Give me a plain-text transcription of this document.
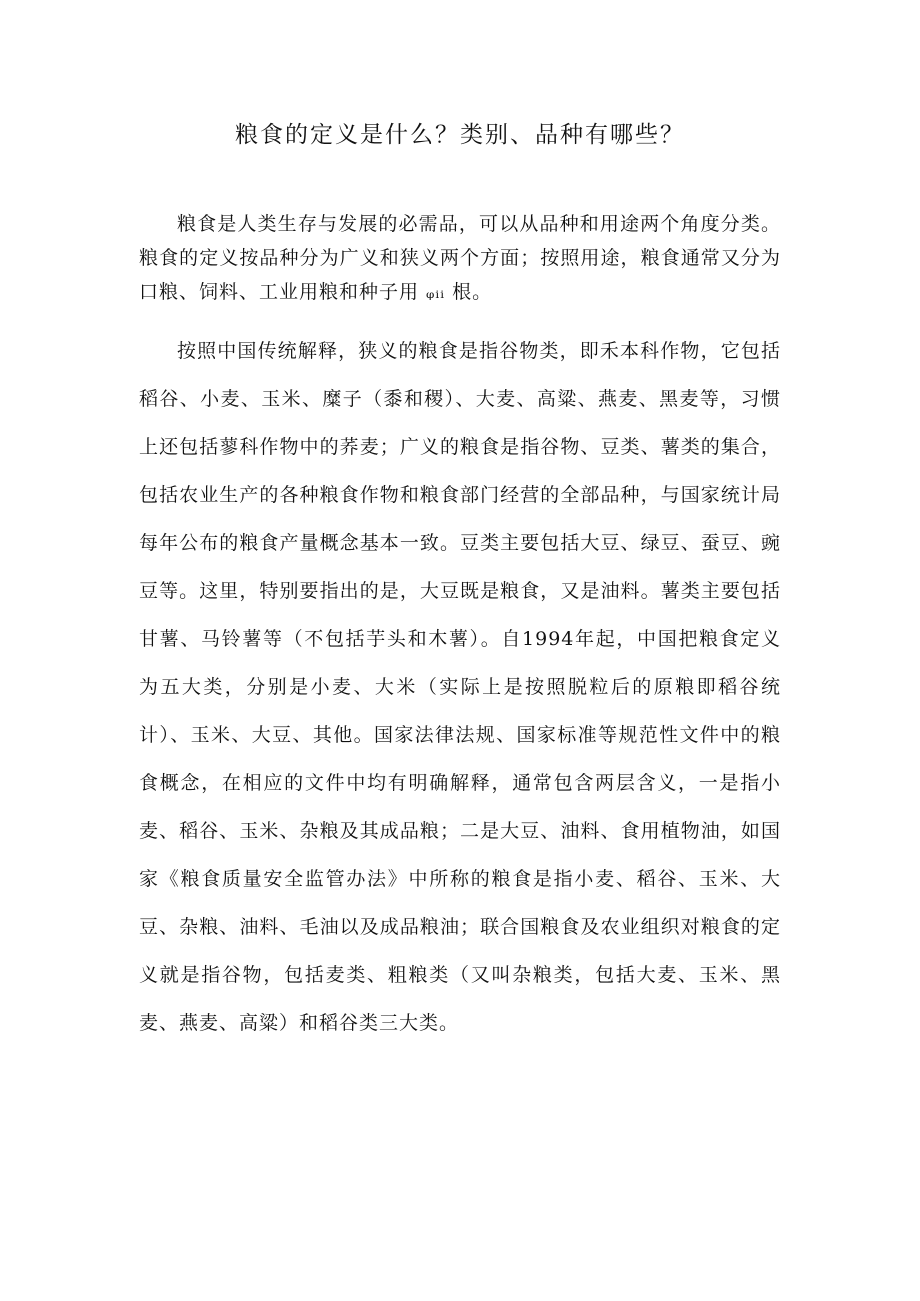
粮食的定义是什么？类别、品种有哪些？

粮食是人类生存与发展的必需品，可以从品种和用途两个角度分类。粮食的定义按品种分为广义和狭义两个方面；按照用途，粮食通常又分为口粮、饲料、工业用粮和种子用 ᵩᵢᵢ 根。

按照中国传统解释，狭义的粮食是指谷物类，即禾本科作物，它包括稻谷、小麦、玉米、糜子（黍和稷）、大麦、高粱、燕麦、黑麦等，习惯上还包括蓼科作物中的荞麦；广义的粮食是指谷物、豆类、薯类的集合，包括农业生产的各种粮食作物和粮食部门经营的全部品种，与国家统计局每年公布的粮食产量概念基本一致。豆类主要包括大豆、绿豆、蚕豆、豌豆等。这里，特别要指出的是，大豆既是粮食，又是油料。薯类主要包括甘薯、马铃薯等（不包括芋头和木薯）。自1994年起，中国把粮食定义为五大类，分别是小麦、大米（实际上是按照脱粒后的原粮即稻谷统计）、玉米、大豆、其他。国家法律法规、国家标准等规范性文件中的粮食概念，在相应的文件中均有明确解释，通常包含两层含义，一是指小麦、稻谷、玉米、杂粮及其成品粮；二是大豆、油料、食用植物油，如国家《粮食质量安全监管办法》中所称的粮食是指小麦、稻谷、玉米、大豆、杂粮、油料、毛油以及成品粮油；联合国粮食及农业组织对粮食的定义就是指谷物，包括麦类、粗粮类（又叫杂粮类，包括大麦、玉米、黑麦、燕麦、高粱）和稻谷类三大类。
